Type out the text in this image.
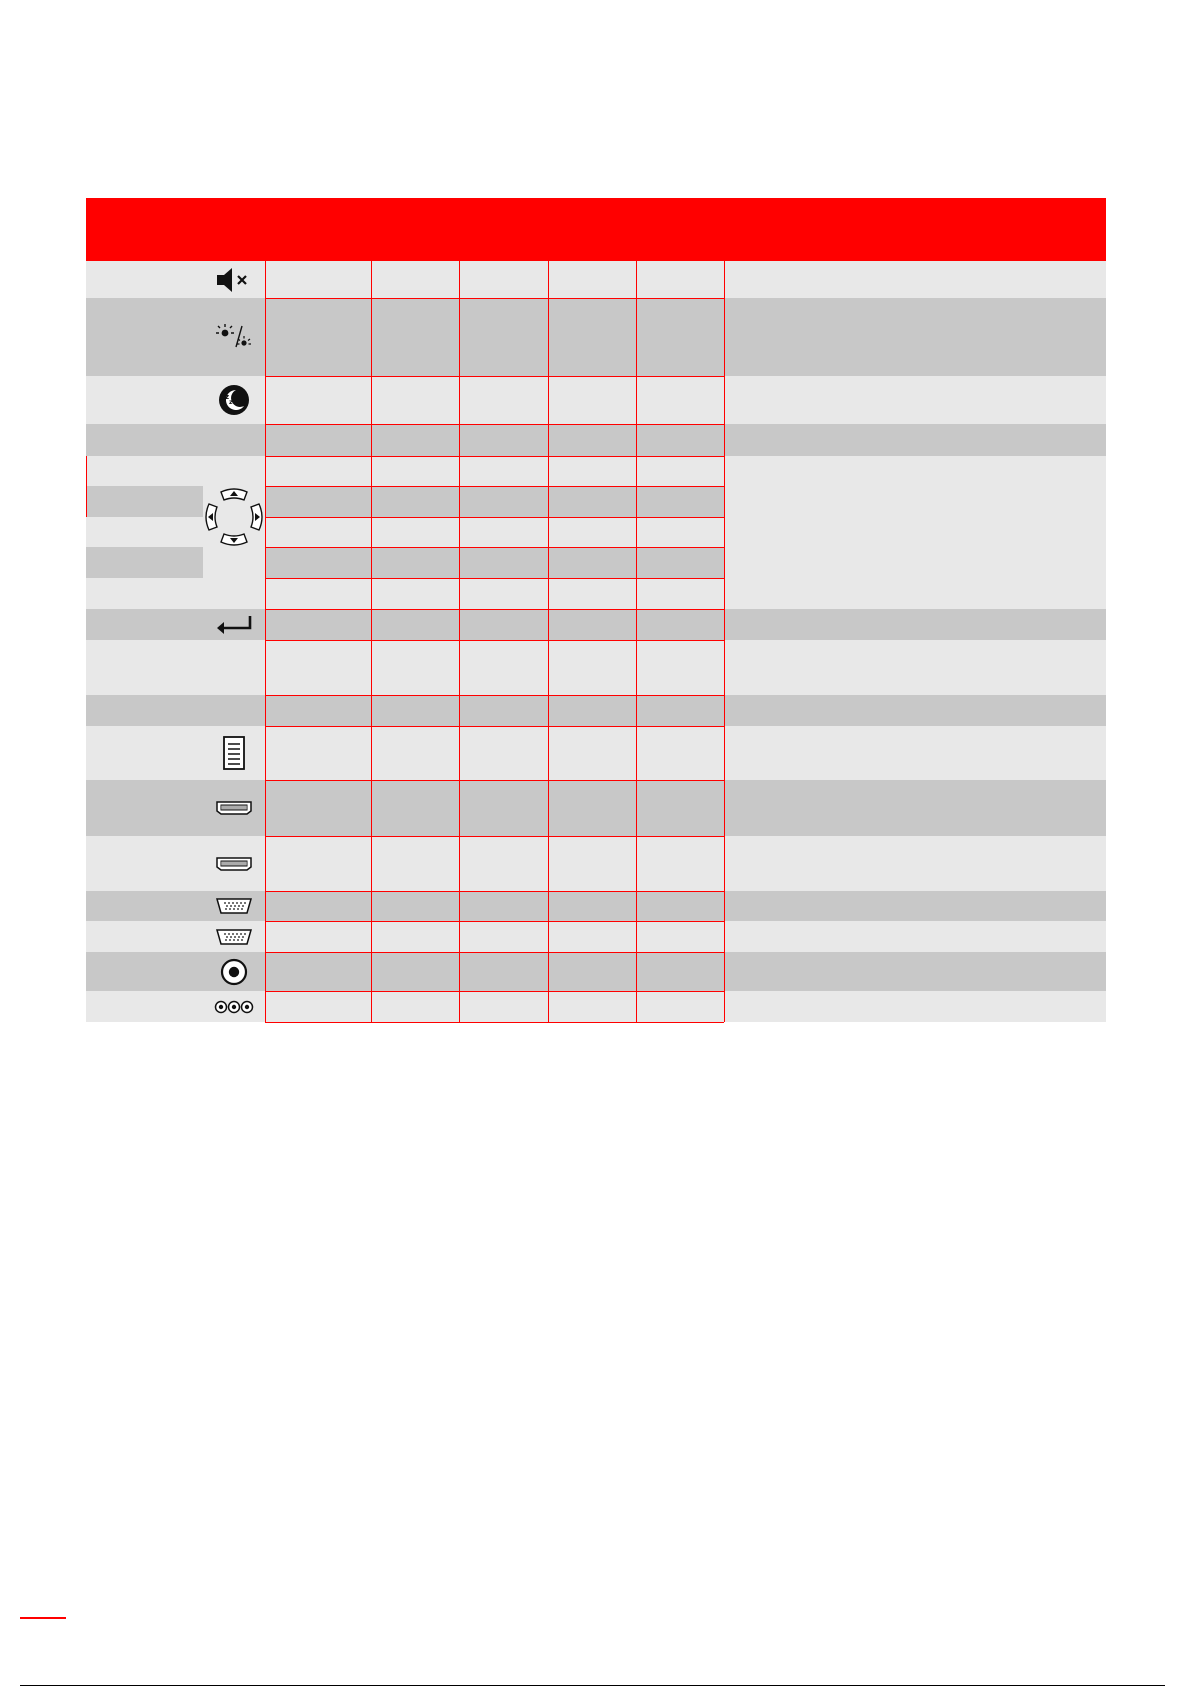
z
z
